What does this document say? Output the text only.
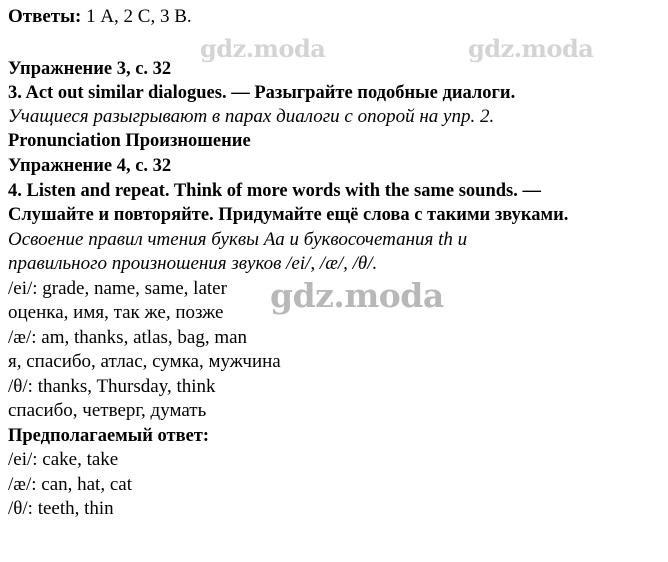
gdz.moda	gdz.moda
gdz.moda
Ответы: 1 A, 2 C, 3 B.
Упражнение 3, с. 32
3. Act out similar dialogues. — Разыграйте подобные диалоги.
Учащиеся разыгрывают в парах диалоги с опорой на упр. 2.
Pronunciation Произношение
Упражнение 4, с. 32
4. Listen and repeat. Think of more words with the same sounds. —
Слушайте и повторяйте. Придумайте ещё слова с такими звуками.
Освоение правил чтения буквы Aa и буквосочетания th и
правильного произношения звуков /ei/, /æ/, /θ/.
/ei/: grade, name, same, later
оценка, имя, так же, позже
/æ/: am, thanks, atlas, bag, man
я, спасибо, атлас, сумка, мужчина
/θ/: thanks, Thursday, think
спасибо, четверг, думать
Предполагаемый ответ:
/ei/: cake, take
/æ/: can, hat, cat
/θ/: teeth, thin
